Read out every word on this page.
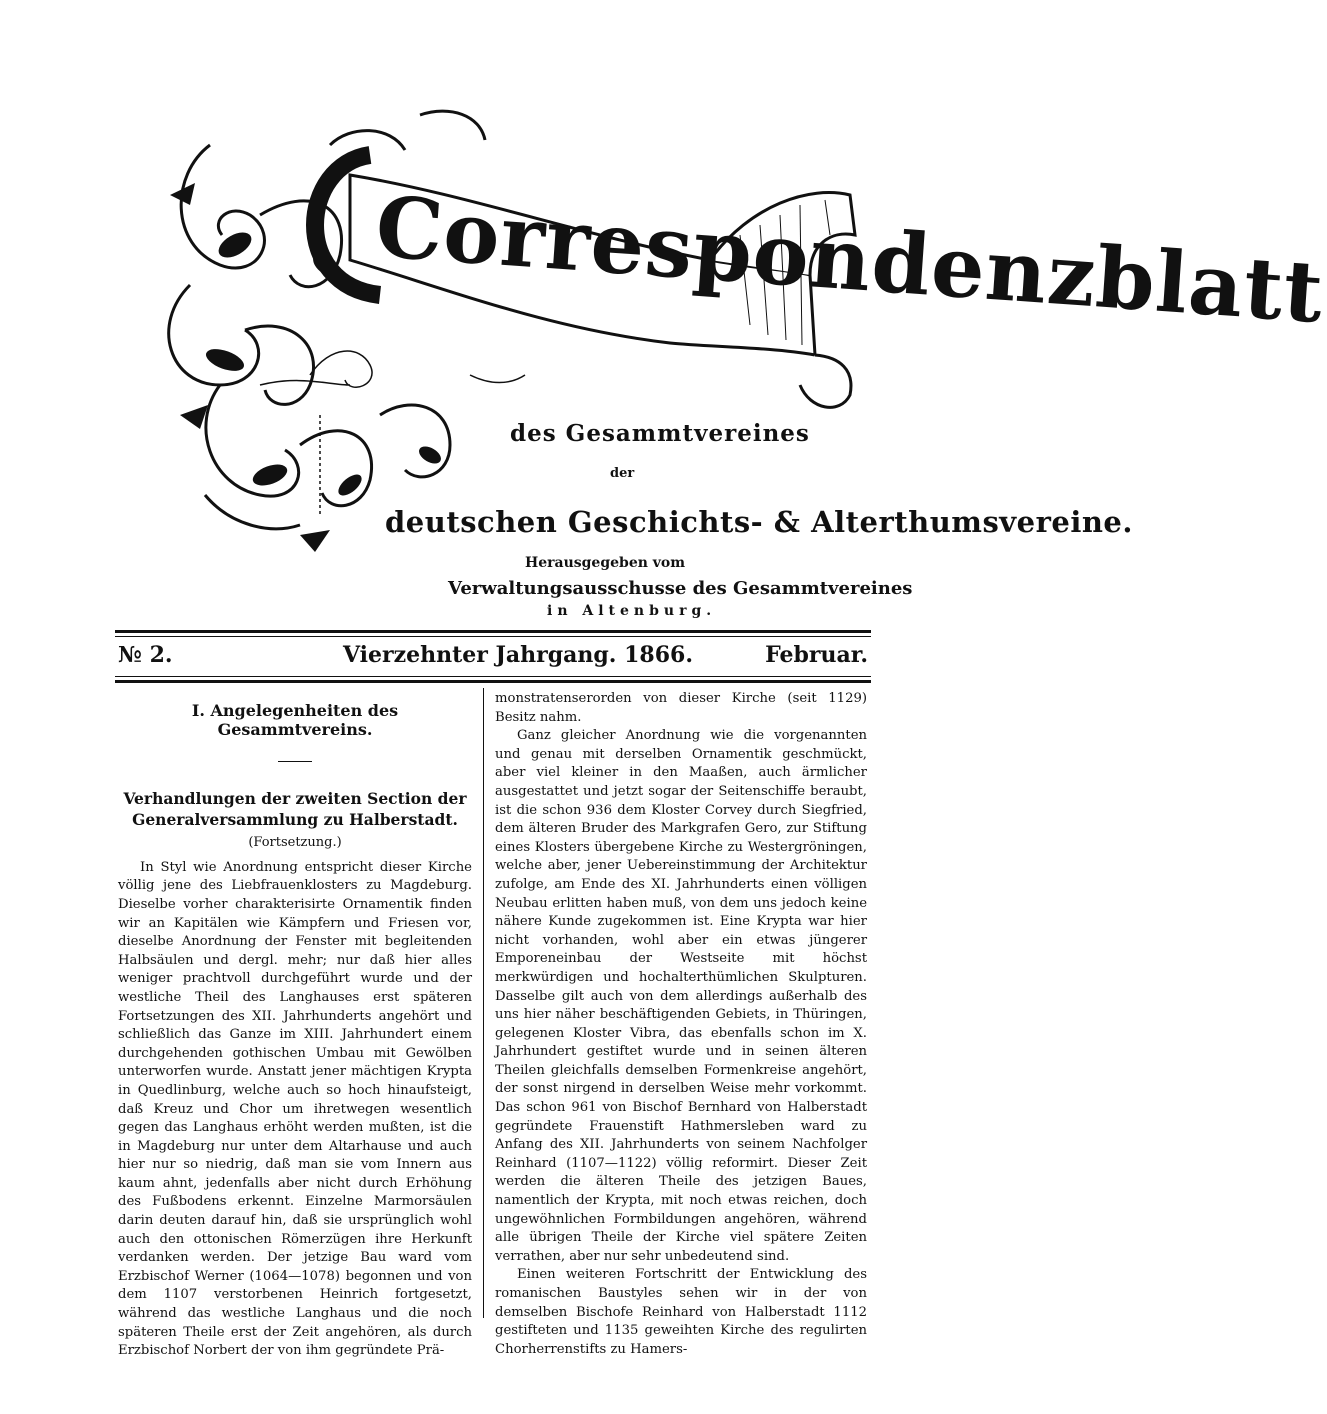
Correspondenzblatt
des Gesammtvereines
der
deutschen Geschichts- & Alterthumsvereine.
Herausgegeben vom
Verwaltungsausschusse des Gesammtvereines
in Altenburg.
№ 2.	Vierzehnter Jahrgang. 1866.	Februar.
I. Angelegenheiten des Gesammtvereins.

Verhandlungen der zweiten Section der

Generalversammlung zu Halberstadt.

(Fortsetzung.)

In Styl wie Anordnung entspricht dieser Kirche völlig jene des Liebfrauenklosters zu Magdeburg. Dieselbe vorher charakterisirte Ornamentik finden wir an Kapitälen wie Kämpfern und Friesen vor, dieselbe Anordnung der Fenster mit begleitenden Halbsäulen und dergl. mehr; nur daß hier alles weniger prachtvoll durchgeführt wurde und der westliche Theil des Langhauses erst späteren Fortsetzungen des XII. Jahrhunderts angehört und schließlich das Ganze im XIII. Jahrhundert einem durchgehenden gothischen Umbau mit Gewölben unterworfen wurde. Anstatt jener mächtigen Krypta in Quedlinburg, welche auch so hoch hinaufsteigt, daß Kreuz und Chor um ihretwegen wesentlich gegen das Langhaus erhöht werden mußten, ist die in Magdeburg nur unter dem Altarhause und auch hier nur so niedrig, daß man sie vom Innern aus kaum ahnt, jedenfalls aber nicht durch Erhöhung des Fußbodens erkennt. Einzelne Marmorsäulen darin deuten darauf hin, daß sie ursprünglich wohl auch den ottonischen Römerzügen ihre Herkunft verdanken werden. Der jetzige Bau ward vom Erzbischof Werner (1064—1078) begonnen und von dem 1107 verstorbenen Heinrich fortgesetzt, während das westliche Langhaus und die noch späteren Theile erst der Zeit angehören, als durch Erzbischof Norbert der von ihm gegründete Prä-

monstratenserorden von dieser Kirche (seit 1129) Besitz nahm.

Ganz gleicher Anordnung wie die vorgenannten und genau mit derselben Ornamentik geschmückt, aber viel kleiner in den Maaßen, auch ärmlicher ausgestattet und jetzt sogar der Seitenschiffe beraubt, ist die schon 936 dem Kloster Corvey durch Siegfried, dem älteren Bruder des Markgrafen Gero, zur Stiftung eines Klosters übergebene Kirche zu Westergröningen, welche aber, jener Uebereinstimmung der Architektur zufolge, am Ende des XI. Jahrhunderts einen völligen Neubau erlitten haben muß, von dem uns jedoch keine nähere Kunde zugekommen ist. Eine Krypta war hier nicht vorhanden, wohl aber ein etwas jüngerer Emporeneinbau der Westseite mit höchst merkwürdigen und hochalterthümlichen Skulpturen. Dasselbe gilt auch von dem allerdings außerhalb des uns hier näher beschäftigenden Gebiets, in Thüringen, gelegenen Kloster Vibra, das ebenfalls schon im X. Jahrhundert gestiftet wurde und in seinen älteren Theilen gleichfalls demselben Formenkreise angehört, der sonst nirgend in derselben Weise mehr vorkommt. Das schon 961 von Bischof Bernhard von Halberstadt gegründete Frauenstift Hathmersleben ward zu Anfang des XII. Jahrhunderts von seinem Nachfolger Reinhard (1107—1122) völlig reformirt. Dieser Zeit werden die älteren Theile des jetzigen Baues, namentlich der Krypta, mit noch etwas reichen, doch ungewöhnlichen Formbildungen angehören, während alle übrigen Theile der Kirche viel spätere Zeiten verrathen, aber nur sehr unbedeutend sind.

Einen weiteren Fortschritt der Entwicklung des romanischen Baustyles sehen wir in der von demselben Bischofe Reinhard von Halberstadt 1112 gestifteten und 1135 geweihten Kirche des regulirten Chorherrenstifts zu Hamers-
